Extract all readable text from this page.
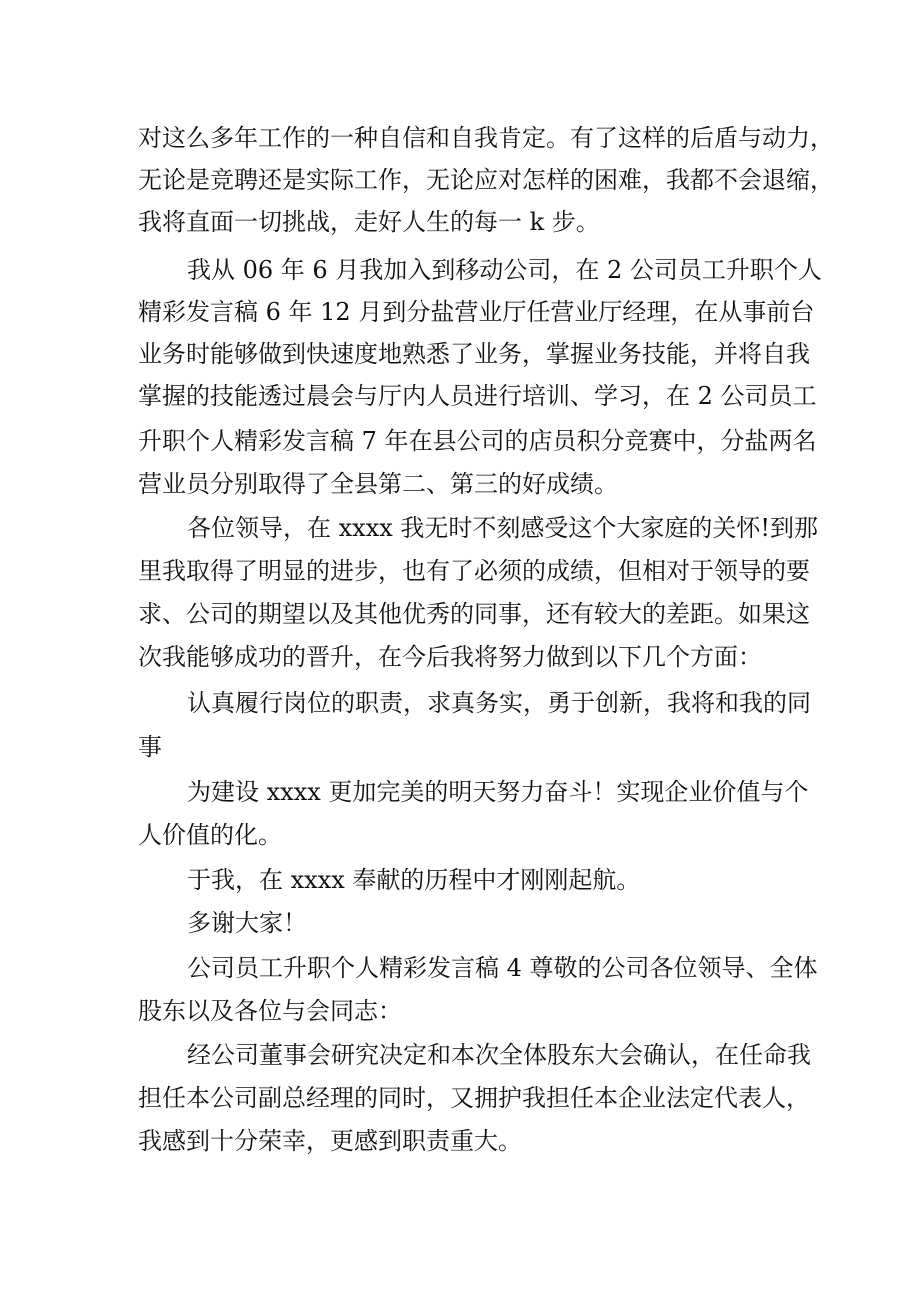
对这么多年工作的一种自信和自我肯定。有了这样的后盾与动力，
无论是竞聘还是实际工作，无论应对怎样的困难，我都不会退缩，
我将直面一切挑战，走好人生的每一 k 步。
我从 06 年 6 月我加入到移动公司，在 2 公司员工升职个人
精彩发言稿 6 年 12 月到分盐营业厅任营业厅经理，在从事前台
业务时能够做到快速度地熟悉了业务，掌握业务技能，并将自我
掌握的技能透过晨会与厅内人员进行培训、学习，在 2 公司员工
升职个人精彩发言稿 7 年在县公司的店员积分竞赛中，分盐两名
营业员分别取得了全县第二、第三的好成绩。
各位领导，在 xxxx 我无时不刻感受这个大家庭的关怀!到那
里我取得了明显的进步，也有了必须的成绩，但相对于领导的要
求、公司的期望以及其他优秀的同事，还有较大的差距。如果这
次我能够成功的晋升，在今后我将努力做到以下几个方面：
认真履行岗位的职责，求真务实，勇于创新，我将和我的同
事
为建设 xxxx 更加完美的明天努力奋斗！实现企业价值与个
人价值的化。
于我，在 xxxx 奉献的历程中才刚刚起航。
多谢大家！
公司员工升职个人精彩发言稿 4 尊敬的公司各位领导、全体
股东以及各位与会同志：
经公司董事会研究决定和本次全体股东大会确认，在任命我
担任本公司副总经理的同时，又拥护我担任本企业法定代表人，
我感到十分荣幸，更感到职责重大。
